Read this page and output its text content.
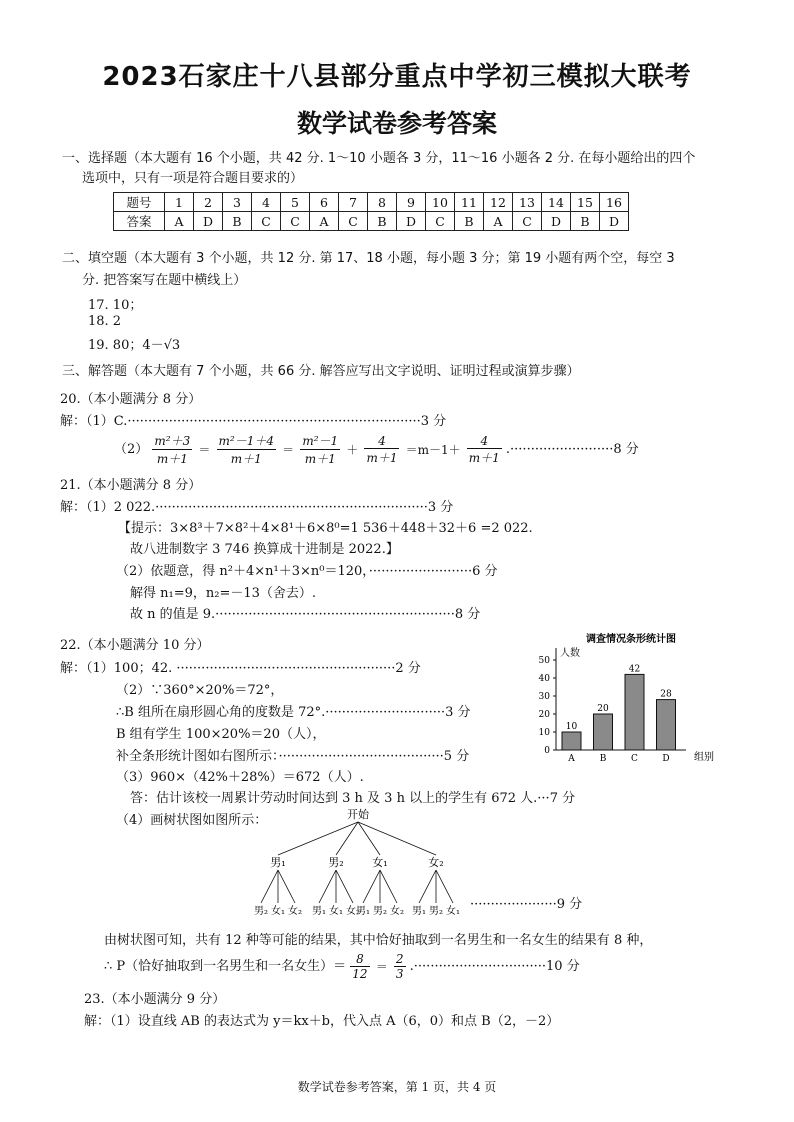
2023石家庄十八县部分重点中学初三模拟大联考
数学试卷参考答案
一、选择题（本大题有 16 个小题，共 42 分. 1～10 小题各 3 分，11～16 小题各 2 分. 在每小题给出的四个
选项中，只有一项是符合题目要求的）
题号	1	2	3	4	5	6	7	8	9	10	11	12	13	14	15	16
答案	A	D	B	C	C	A	C	B	D	C	B	A	C	D	B	D
二、填空题（本大题有 3 个小题，共 12 分. 第 17、18 小题，每小题 3 分；第 19 小题有两个空，每空 3
分. 把答案写在题中横线上）
17. 10；
18. 2
19. 80；4－√3
三、解答题（本大题有 7 个小题，共 66 分. 解答应写出文字说明、证明过程或演算步骤）
20.（本小题满分 8 分）
解：（1）C.·······································································3 分
$(2) \frac{\text{m²＋3}}{m+1} = \frac{\text{m²－1＋4}}{m+1} = \frac{\text{m²－1}}{m+1} + \frac{4}{m+1} =m-1+ \frac{4}{m+1} .\cdot\cdot\cdot\cdot\cdot\cdot\cdot\cdot\cdot\cdot\cdot\cdot\cdot\cdot\cdot\cdot\cdot\cdot\cdot\cdot\cdot\cdot\cdot\cdot\cdot 8$ 分
21.（本小题满分 8 分）
解：（1）2 022.··································································3 分
【提示：3×8³＋7×8²＋4×8¹＋6×8⁰=1 536＋448＋32＋6 =2 022.
故八进制数字 3 746 换算成十进制是 2022.】
（2）依题意，得 n²＋4×n¹＋3×n⁰＝120，·························6 分
解得 n₁=9，n₂=－13（舍去）.
故 n 的值是 9.··························································8 分
22.（本小题满分 10 分）
解：（1）100；42. ·····················································2 分
（2）∵360°×20%＝72°，
∴B 组所在扇形圆心角的度数是 72°.·····························3 分
B 组有学生 100×20%＝20（人），
补全条形统计图如右图所示：········································5 分
（3）960×（42%＋28%）＝672（人）.
答：估计该校一周累计劳动时间达到 3 h 及 3 h 以上的学生有 672 人.···7 分
（4）画树状图如图所示：
调查情况条形统计图
人数
组别
0
10
20
30
40
50
10
A
20
B
42
C
28
D
开始
男₁	男₂	女₁	女₂
男₂ 女₁ 女₂ 男₁ 女₁ 女₂
男₁ 男₂ 女₂ 男₁ 男₂ 女₁ ·····················9 分
由树状图可知，共有 12 种等可能的结果，其中恰好抽取到一名男生和一名女生的结果有 8 种，
∴ P（恰好抽取到一名男生和一名女生）＝ $\frac{8}{12} = \frac{2}{3} .\cdot\cdot\cdot\cdot\cdot\cdot\cdot\cdot\cdot\cdot\cdot\cdot\cdot\cdot\cdot\cdot\cdot\cdot\cdot\cdot\cdot\cdot\cdot\cdot\cdot\cdot\cdot\cdot\cdot\cdot\cdot\cdot 10$ 分
23.（本小题满分 9 分）
解：（1）设直线 AB 的表达式为 y＝kx＋b，代入点 A（6，0）和点 B（2，－2）
数学试卷参考答案，第 1 页，共 4 页
